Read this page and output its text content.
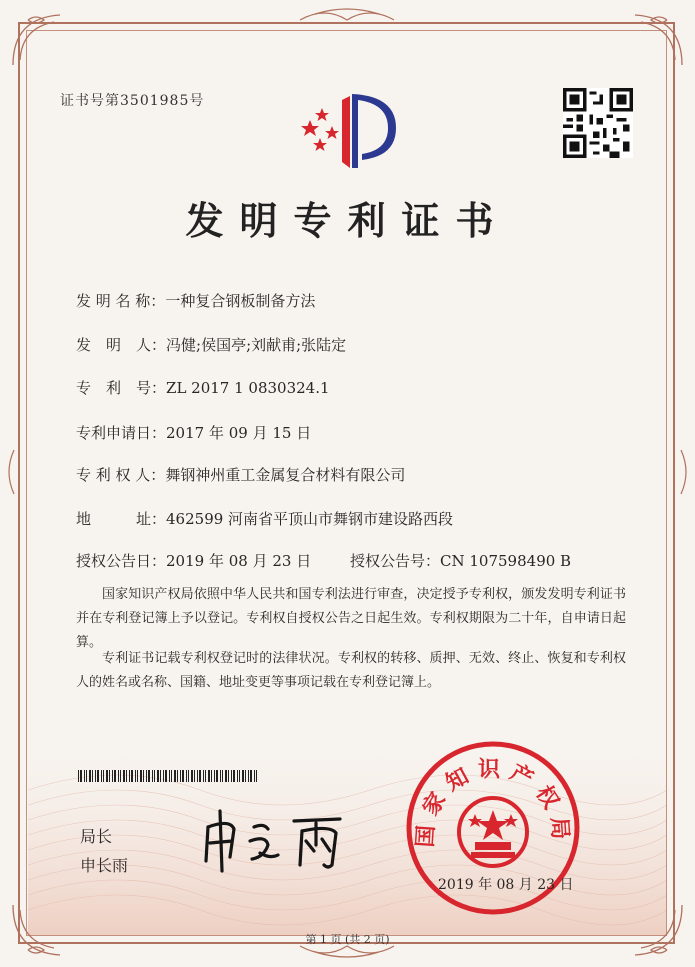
证书号第3501985号
发明专利证书
发 明 名 称：一种复合钢板制备方法
发　明　人：冯健;侯国亭;刘献甫;张陆定
专　利　号：ZL 2017 1 0830324.1
专利申请日：2017 年 09 月 15 日
专 利 权 人：舞钢神州重工金属复合材料有限公司
地　　　址：462599 河南省平顶山市舞钢市建设路西段
授权公告日：2019 年 08 月 23 日	授权公告号：CN 107598490 B
国家知识产权局依照中华人民共和国专利法进行审查，决定授予专利权，颁发发明专利证书并在专利登记簿上予以登记。专利权自授权公告之日起生效。专利权期限为二十年，自申请日起算。
专利证书记载专利权登记时的法律状况。专利权的转移、质押、无效、终止、恢复和专利权人的姓名或名称、国籍、地址变更等事项记载在专利登记簿上。
局长
申长雨
国家知识产权局
2019 年 08 月 23 日
第 1 页 (共 2 页)
